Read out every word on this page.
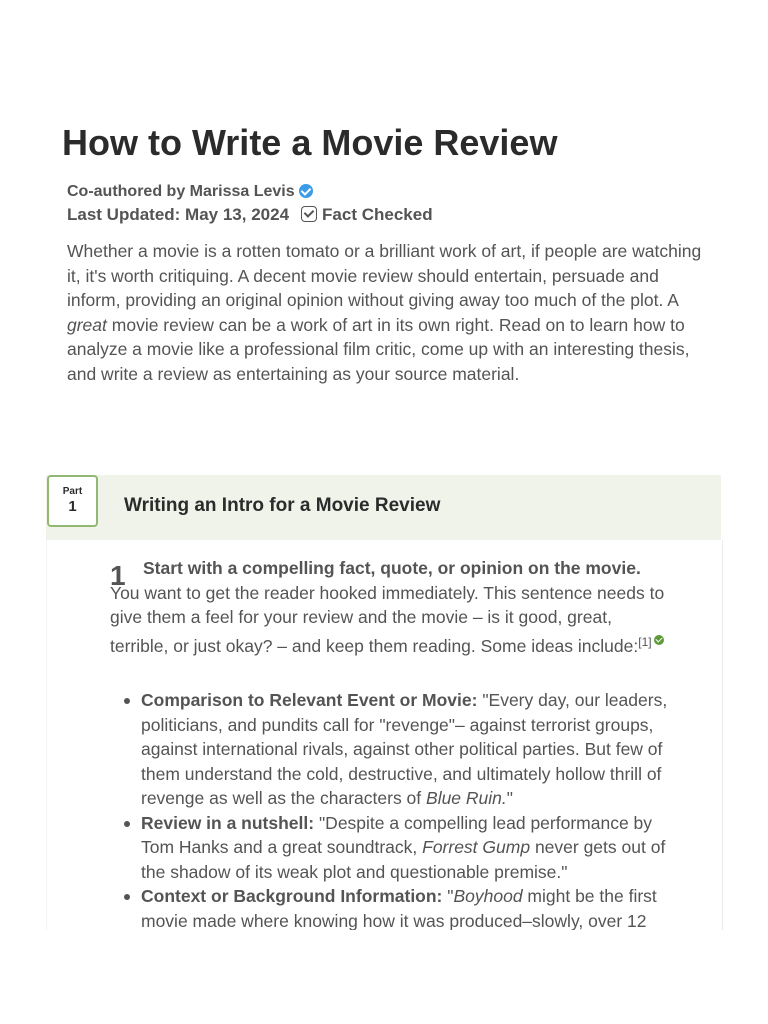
How to Write a Movie Review
Co-authored by Marissa Levis
Last Updated: May 13, 2024 Fact Checked

Whether a movie is a rotten tomato or a brilliant work of art, if people are watching it, it's worth critiquing. A decent movie review should entertain, persuade and inform, providing an original opinion without giving away too much of the plot. A great movie review can be a work of art in its own right. Read on to learn how to analyze a movie like a professional film critic, come up with an interesting thesis, and write a review as entertaining as your source material.

Part
1	Writing an Intro for a Movie Review
1 Start with a compelling fact, quote, or opinion on the movie. You want to get the reader hooked immediately. This sentence needs to give them a feel for your review and the movie – is it good, great, terrible, or just okay? – and keep them reading. Some ideas include:[1]

Comparison to Relevant Event or Movie: "Every day, our leaders, politicians, and pundits call for "revenge"– against terrorist groups, against international rivals, against other political parties. But few of them understand the cold, destructive, and ultimately hollow thrill of revenge as well as the characters of Blue Ruin."
Review in a nutshell: "Despite a compelling lead performance by Tom Hanks and a great soundtrack, Forrest Gump never gets out of the shadow of its weak plot and questionable premise."
Context or Background Information: "Boyhood might be the first movie made where knowing how it was produced–slowly, over 12
